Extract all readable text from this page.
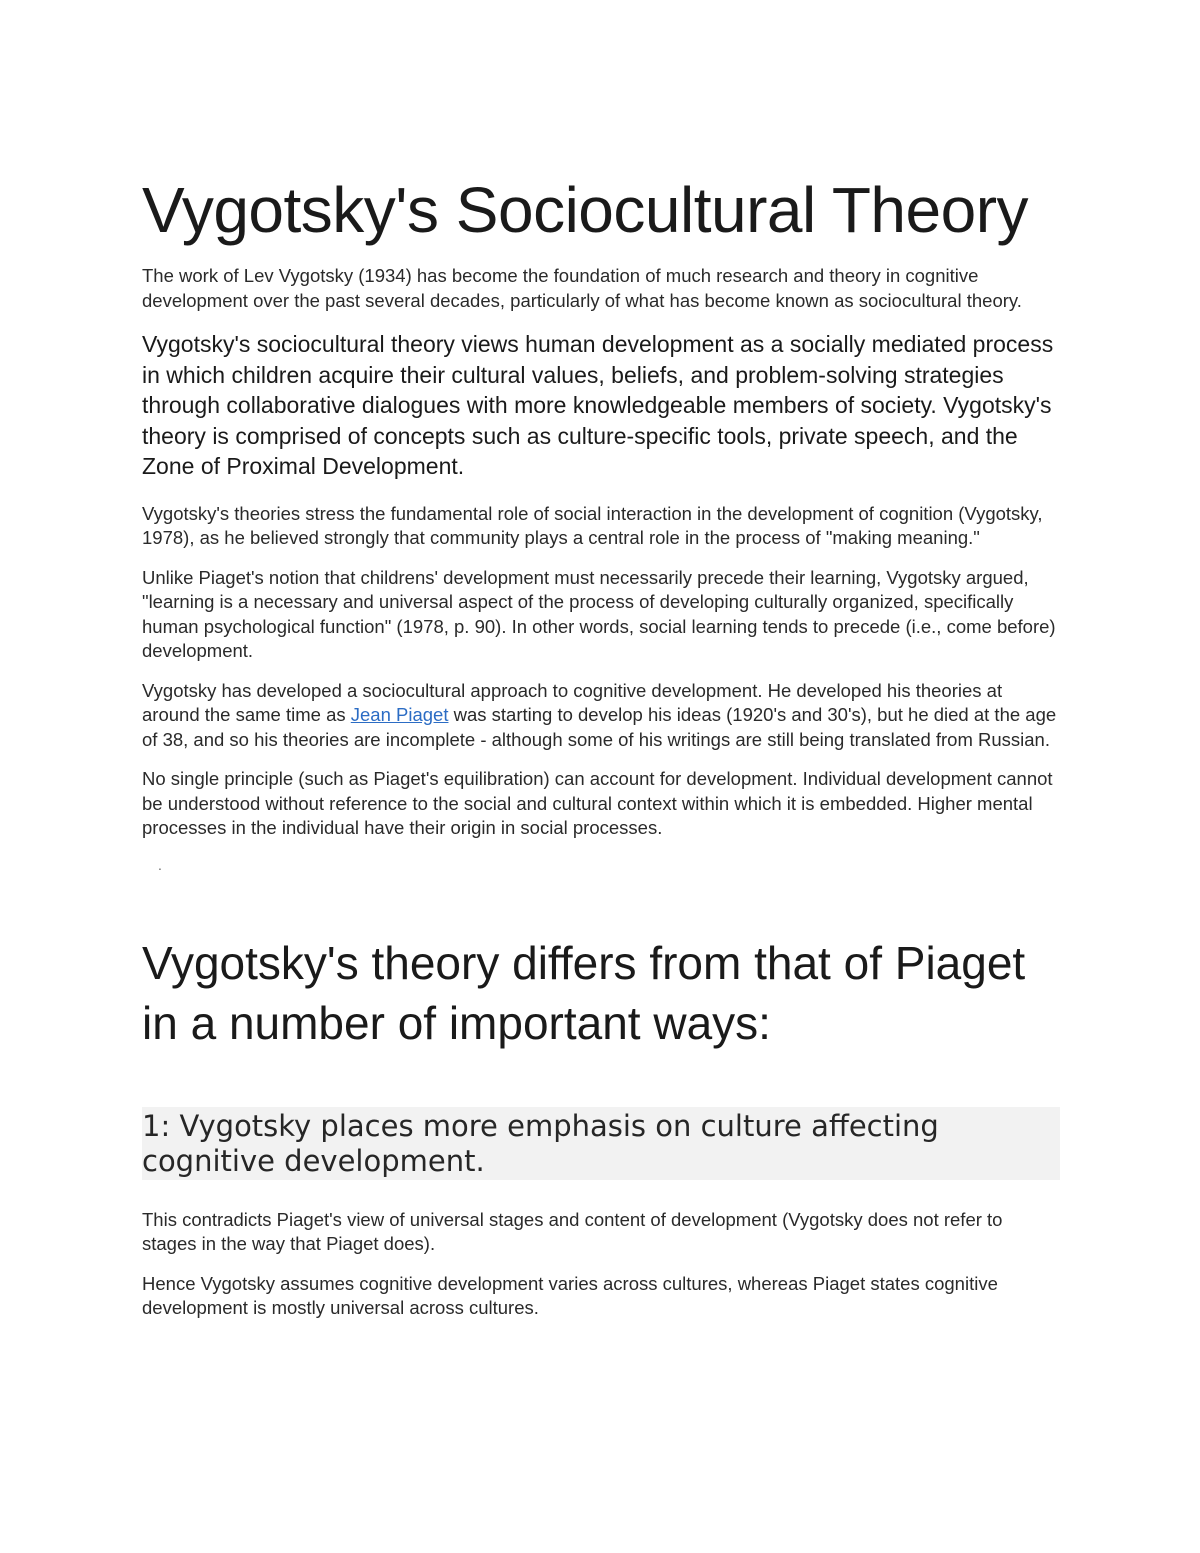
Vygotsky's Sociocultural Theory

The work of Lev Vygotsky (1934) has become the foundation of much research and theory in cognitive development over the past several decades, particularly of what has become known as sociocultural theory.

Vygotsky's sociocultural theory views human development as a socially mediated process in which children acquire their cultural values, beliefs, and problem-solving strategies through collaborative dialogues with more knowledgeable members of society. Vygotsky's theory is comprised of concepts such as culture-specific tools, private speech, and the Zone of Proximal Development.

Vygotsky's theories stress the fundamental role of social interaction in the development of cognition (Vygotsky, 1978), as he believed strongly that community plays a central role in the process of "making meaning."

Unlike Piaget's notion that childrens' development must necessarily precede their learning, Vygotsky argued, "learning is a necessary and universal aspect of the process of developing culturally organized, specifically human psychological function" (1978, p. 90). In other words, social learning tends to precede (i.e., come before) development.

Vygotsky has developed a sociocultural approach to cognitive development. He developed his theories at around the same time as Jean Piaget was starting to develop his ideas (1920's and 30's), but he died at the age of 38, and so his theories are incomplete - although some of his writings are still being translated from Russian.

No single principle (such as Piaget's equilibration) can account for development. Individual development cannot be understood without reference to the social and cultural context within which it is embedded. Higher mental processes in the individual have their origin in social processes.

.
Vygotsky's theory differs from that of Piaget in a number of important ways:
1: Vygotsky places more emphasis on culture affecting cognitive development.

This contradicts Piaget's view of universal stages and content of development (Vygotsky does not refer to stages in the way that Piaget does).

Hence Vygotsky assumes cognitive development varies across cultures, whereas Piaget states cognitive development is mostly universal across cultures.
